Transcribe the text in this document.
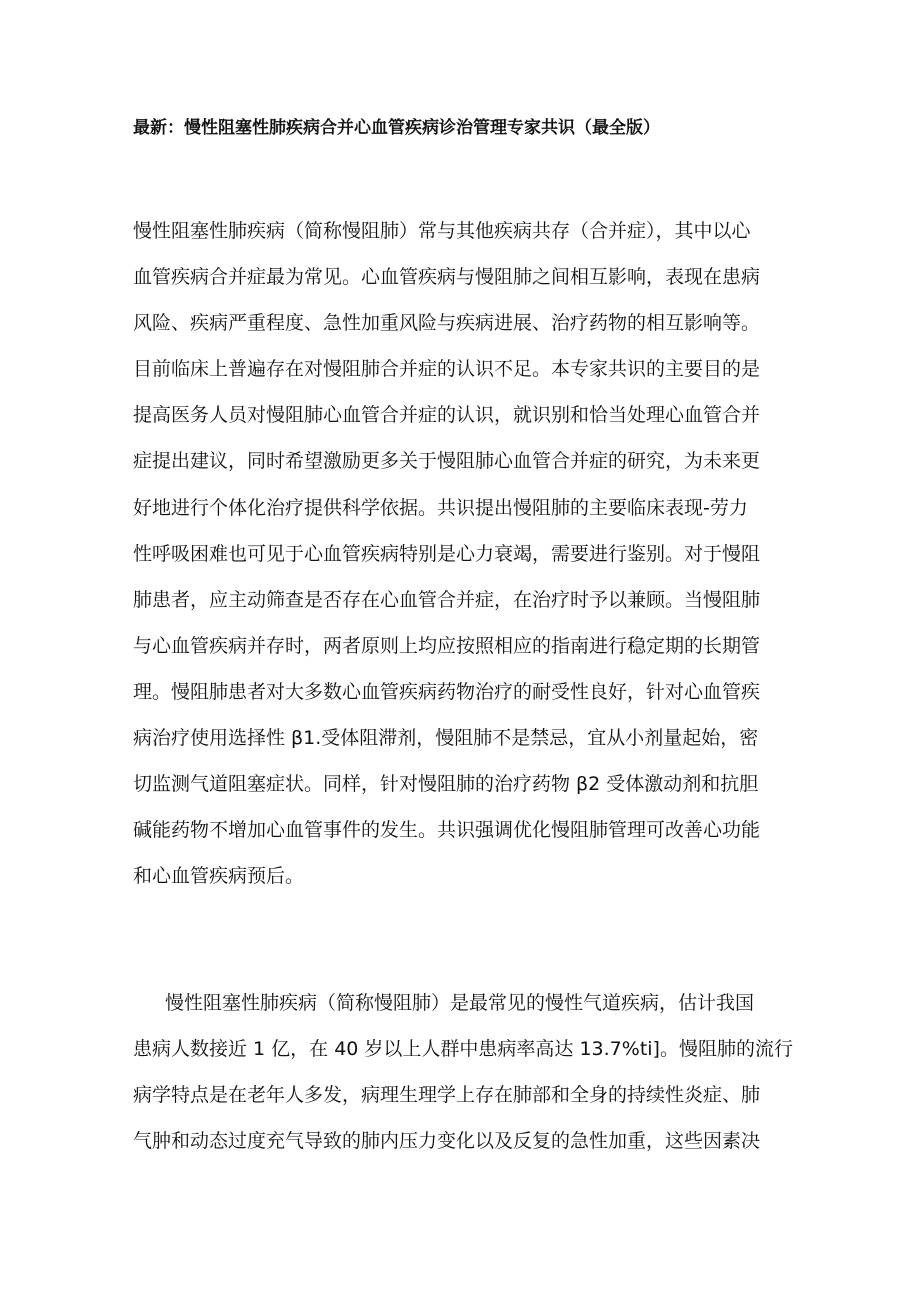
最新：慢性阻塞性肺疾病合并心血管疾病诊治管理专家共识（最全版）
慢性阻塞性肺疾病（简称慢阻肺）常与其他疾病共存（合并症），其中以心
血管疾病合并症最为常见。心血管疾病与慢阻肺之间相互影响，表现在患病
风险、疾病严重程度、急性加重风险与疾病进展、治疗药物的相互影响等。
目前临床上普遍存在对慢阻肺合并症的认识不足。本专家共识的主要目的是
提高医务人员对慢阻肺心血管合并症的认识，就识别和恰当处理心血管合并
症提出建议，同时希望激励更多关于慢阻肺心血管合并症的研究，为未来更
好地进行个体化治疗提供科学依据。共识提出慢阻肺的主要临床表现-劳力
性呼吸困难也可见于心血管疾病特别是心力衰竭，需要进行鉴别。对于慢阻
肺患者，应主动筛查是否存在心血管合并症，在治疗时予以兼顾。当慢阻肺
与心血管疾病并存时，两者原则上均应按照相应的指南进行稳定期的长期管
理。慢阻肺患者对大多数心血管疾病药物治疗的耐受性良好，针对心血管疾
病治疗使用选择性 β1.受体阻滞剂，慢阻肺不是禁忌，宜从小剂量起始，密
切监测气道阻塞症状。同样，针对慢阻肺的治疗药物 β2 受体激动剂和抗胆
碱能药物不增加心血管事件的发生。共识强调优化慢阻肺管理可改善心功能
和心血管疾病预后。
慢性阻塞性肺疾病（简称慢阻肺）是最常见的慢性气道疾病，估计我国
患病人数接近 1 亿，在 40 岁以上人群中患病率高达 13.7%ti]。慢阻肺的流行
病学特点是在老年人多发，病理生理学上存在肺部和全身的持续性炎症、肺
气肿和动态过度充气导致的肺内压力变化以及反复的急性加重，这些因素决
